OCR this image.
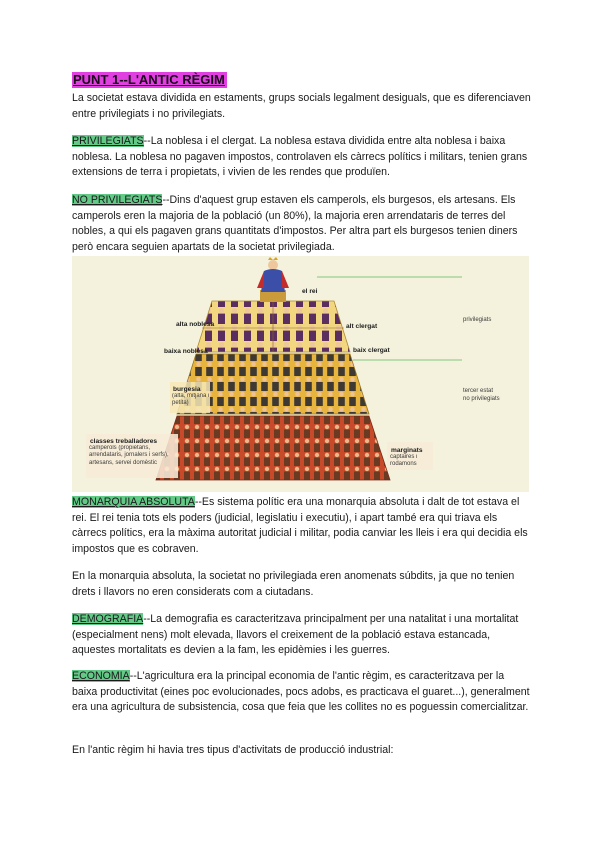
PUNT 1--L'ANTIC RÈGIM

La societat estava dividida en estaments, grups socials legalment desiguals, que es diferenciaven entre privilegiats i no privilegiats.

PRIVILEGIATS--La noblesa i el clergat. La noblesa estava dividida entre alta noblesa i baixa noblesa. La noblesa no pagaven impostos, controlaven els càrrecs polítics i militars, tenien grans extensions de terra i propietats, i vivien de les rendes que produïen.

NO PRIVILEGIATS--Dins d'aquest grup estaven els camperols, els burgesos, els artesans. Els camperols eren la majoria de la població (un 80%), la majoria eren arrendataris de terres del nobles, a qui els pagaven grans quantitats d'impostos. Per altra part els burgesos tenien diners però encara seguien apartats de la societat privilegiada.

el rei
alta noblesa	alt clergat
baixa noblesa	baix clergat
burgesia
(alta, mitjana i petita)
classes treballadores
camperols (propietaris, arrendataris, jornalers i serfs), artesans, servei domèstic
marginats
captaires i rodamons
privilegiats
tercer estat
no privilegiats

MONARQUIA ABSOLUTA--Es sistema polític era una monarquia absoluta i dalt de tot estava el rei. El rei tenia tots els poders (judicial, legislatiu i executiu), i apart també era qui triava els càrrecs polítics, era la màxima autoritat judicial i militar, podia canviar les lleis i era qui decidia els impostos que es cobraven.

En la monarquia absoluta, la societat no privilegiada eren anomenats súbdits, ja que no tenien drets i llavors no eren considerats com a ciutadans.

DEMOGRAFIA--La demografia es caracteritzava principalment per una natalitat i una mortalitat (especialment nens) molt elevada, llavors el creixement de la població estava estancada, aquestes mortalitats es devien a la fam, les epidèmies i les guerres.

ECONOMIA--L'agricultura era la principal economia de l'antic règim, es caracteritzava per la baixa productivitat (eines poc evolucionades, pocs adobs, es practicava el guaret...), generalment era una agricultura de subsistencia, cosa que feia que les collites no es poguessin comercialitzar.

En l'antic règim hi havia tres tipus d'activitats de producció industrial:
